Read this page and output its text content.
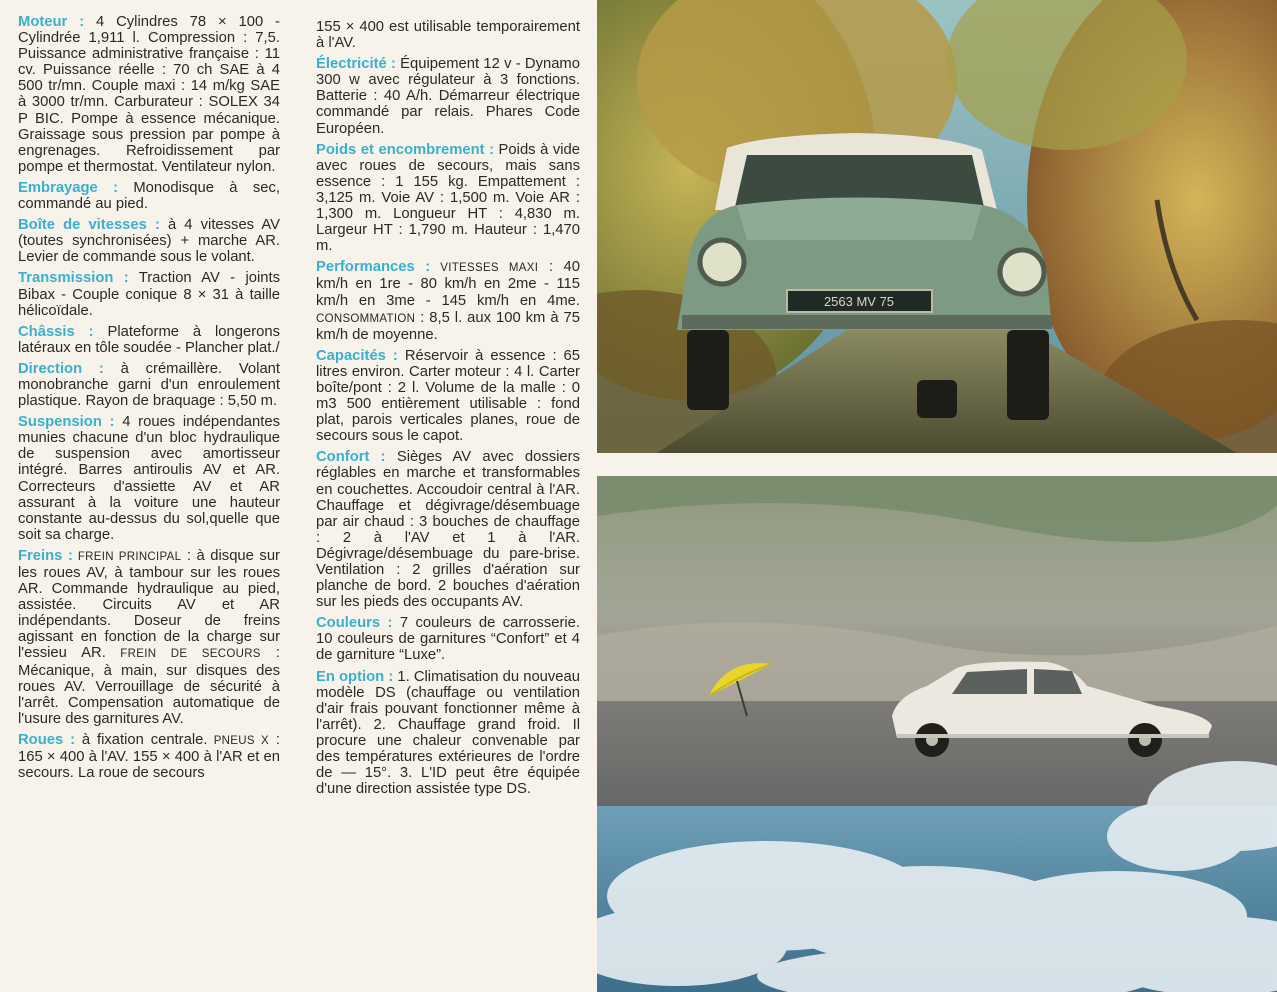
Moteur : 4 Cylindres 78 × 100 - Cylindrée 1,911 l. Compression : 7,5. Puissance administrative française : 11 cv. Puissance réelle : 70 ch SAE à 4 500 tr/mn. Couple maxi : 14 m/kg SAE à 3000 tr/mn. Carburateur : SOLEX 34 P BIC. Pompe à essence mécanique. Graissage sous pression par pompe à engrenages. Refroidissement par pompe et thermostat. Ventilateur nylon.

Embrayage : Monodisque à sec, commandé au pied.

Boîte de vitesses : à 4 vitesses AV (toutes synchronisées) + marche AR. Levier de commande sous le volant.

Transmission : Traction AV - joints Bibax - Couple conique 8 × 31 à taille hélicoïdale.

Châssis : Plateforme à longerons latéraux en tôle soudée - Plancher plat./

Direction : à crémaillère. Volant monobranche garni d'un enroulement plastique. Rayon de braquage : 5,50 m.

Suspension : 4 roues indépendantes munies chacune d'un bloc hydraulique de suspension avec amortisseur intégré. Barres antiroulis AV et AR. Correcteurs d'assiette AV et AR assurant à la voiture une hauteur constante au-dessus du sol,quelle que soit sa charge.

Freins : FREIN PRINCIPAL : à disque sur les roues AV, à tambour sur les roues AR. Commande hydraulique au pied, assistée. Circuits AV et AR indépendants. Doseur de freins agissant en fonction de la charge sur l'essieu AR. FREIN DE SECOURS : Mécanique, à main, sur disques des roues AV. Verrouillage de sécurité à l'arrêt. Compensation automatique de l'usure des garnitures AV.

Roues : à fixation centrale. PNEUS X : 165 × 400 à l'AV. 155 × 400 à l'AR et en secours. La roue de secours

155 × 400 est utilisable temporairement à l'AV.

Électricité : Équipement 12 v - Dynamo 300 w avec régulateur à 3 fonctions. Batterie : 40 A/h. Démarreur électrique commandé par relais. Phares Code Européen.

Poids et encombrement : Poids à vide avec roues de secours, mais sans essence : 1 155 kg. Empattement : 3,125 m. Voie AV : 1,500 m. Voie AR : 1,300 m. Longueur HT : 4,830 m. Largeur HT : 1,790 m. Hauteur : 1,470 m.

Performances : VITESSES MAXI : 40 km/h en 1re - 80 km/h en 2me - 115 km/h en 3me - 145 km/h en 4me. CONSOMMATION : 8,5 l. aux 100 km à 75 km/h de moyenne.

Capacités : Réservoir à essence : 65 litres environ. Carter moteur : 4 l. Carter boîte/pont : 2 l. Volume de la malle : 0 m3 500 entièrement utilisable : fond plat, parois verticales planes, roue de secours sous le capot.

Confort : Sièges AV avec dossiers réglables en marche et transformables en couchettes. Accoudoir central à l'AR. Chauffage et dégivrage/désembuage par air chaud : 3 bouches de chauffage : 2 à l'AV et 1 à l'AR. Dégivrage/désembuage du pare-brise. Ventilation : 2 grilles d'aération sur planche de bord. 2 bouches d'aération sur les pieds des occupants AV.

Couleurs : 7 couleurs de carrosserie. 10 couleurs de garnitures “Confort” et 4 de garniture “Luxe”.

En option : 1. Climatisation du nouveau modèle DS (chauffage ou ventilation d'air frais pouvant fonctionner même à l'arrêt). 2. Chauffage grand froid. Il procure une chaleur convenable par des températures extérieures de l'ordre de — 15°. 3. L'ID peut être équipée d'une direction assistée type DS.

2563 MV 75
